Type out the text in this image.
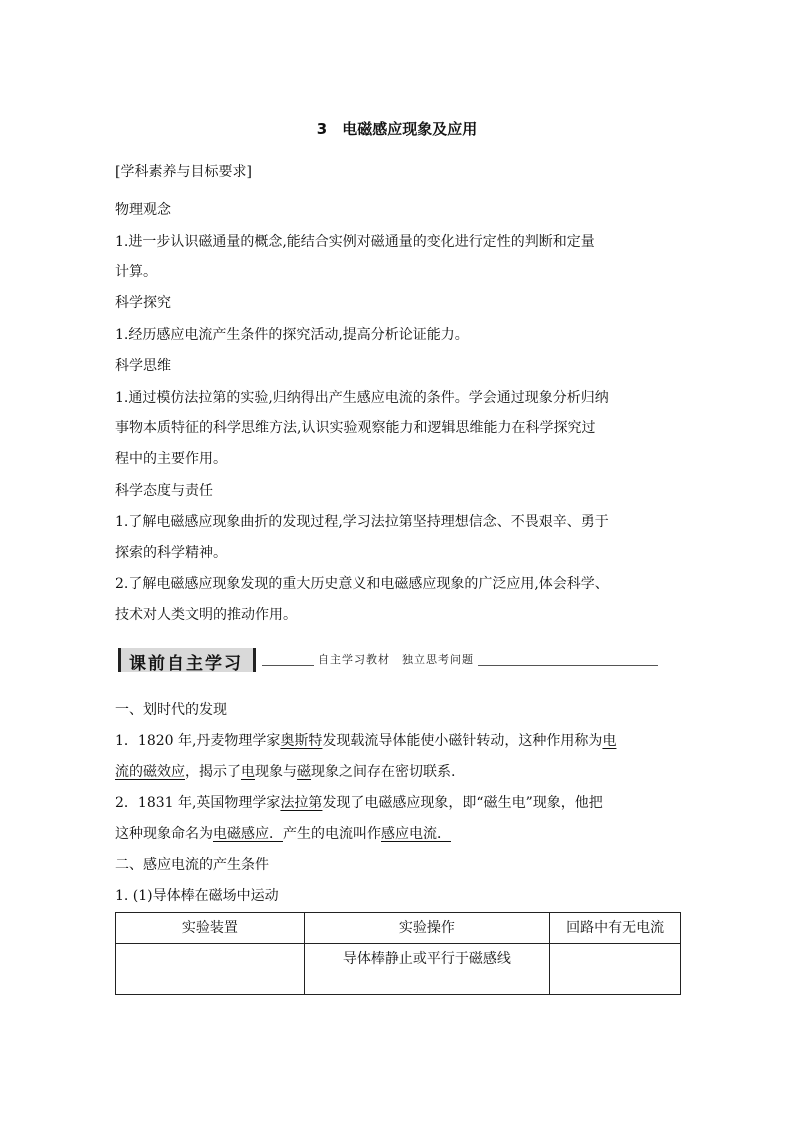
3　电磁感应现象及应用
[学科素养与目标要求]
物理观念
1.进一步认识磁通量的概念,能结合实例对磁通量的变化进行定性的判断和定量
计算。
科学探究
1.经历感应电流产生条件的探究活动,提高分析论证能力。
科学思维
1.通过模仿法拉第的实验,归纳得出产生感应电流的条件。学会通过现象分析归纳
事物本质特征的科学思维方法,认识实验观察能力和逻辑思维能力在科学探究过
程中的主要作用。
科学态度与责任
1.了解电磁感应现象曲折的发现过程,学习法拉第坚持理想信念、不畏艰辛、勇于
探索的科学精神。
2.了解电磁感应现象发现的重大历史意义和电磁感应现象的广泛应用,体会科学、
技术对人类文明的推动作用。
课前自主学习	自主学习教材　独立思考问题
一、划时代的发现
1．1820 年,丹麦物理学家奥斯特发现载流导体能使小磁针转动，这种作用称为电
流的磁效应，揭示了电现象与磁现象之间存在密切联系.
2．1831 年,英国物理学家法拉第发现了电磁感应现象，即“磁生电”现象，他把
这种现象命名为电磁感应．产生的电流叫作感应电流．
二、感应电流的产生条件
1. (1)导体棒在磁场中运动
实验装置	实验操作	回路中有无电流
	导体棒静止或平行于磁感线	
